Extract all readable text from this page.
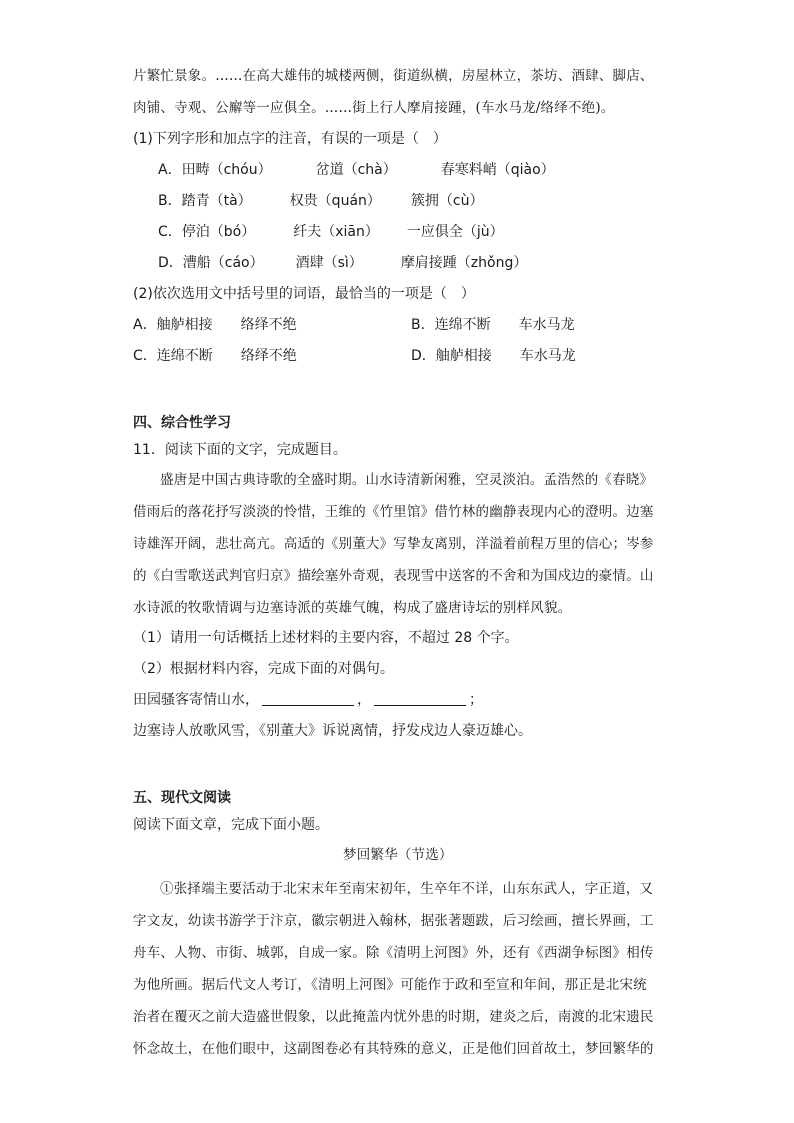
片繁忙景象。……在高大雄伟的城楼两侧，街道纵横，房屋林立，茶坊、酒肆、脚店、
肉铺、寺观、公廨等一应俱全。……街上行人摩肩接踵，(车水马龙/络绎不绝)。
(1)下列字形和加点字的注音，有误的一项是（　）
A．田畴（chóu）	岔道（chà）	春寒料峭（qiào）
B．踏青（tà）	权贵（quán） 簇拥（cù）
C．停泊（bó）	纤夫（xiān） 一应俱全（jù）
D．漕船（cáo） 酒肆（sì）	摩肩接踵（zhǒng）
(2)依次选用文中括号里的词语，最恰当的一项是（　）
A．舳舻相接 络绎不绝	B．连绵不断 车水马龙
C．连绵不断 络绎不绝	D．舳舻相接 车水马龙
四、综合性学习
11．阅读下面的文字，完成题目。
盛唐是中国古典诗歌的全盛时期。山水诗清新闲雅，空灵淡泊。孟浩然的《春晓》
借雨后的落花抒写淡淡的怜惜，王维的《竹里馆》借竹林的幽静表现内心的澄明。边塞
诗雄浑开阔，悲壮高亢。高适的《别董大》写挚友离别，洋溢着前程万里的信心；岑参
的《白雪歌送武判官归京》描绘塞外奇观，表现雪中送客的不舍和为国戍边的豪情。山
水诗派的牧歌情调与边塞诗派的英雄气魄，构成了盛唐诗坛的别样风貌。
（1）请用一句话概括上述材料的主要内容，不超过 28 个字。
（2）根据材料内容，完成下面的对偶句。
田园骚客寄情山水，	，	；
边塞诗人放歌风雪，《别董大》诉说离情，抒发戍边人豪迈雄心。
五、现代文阅读
阅读下面文章，完成下面小题。
梦回繁华（节选）
①张择端主要活动于北宋末年至南宋初年，生卒年不详，山东东武人，字正道，又
字文友，幼读书游学于汴京，徽宗朝进入翰林，据张著题跋，后习绘画，擅长界画，工
舟车、人物、市街、城郭，自成一家。除《清明上河图》外，还有《西湖争标图》相传
为他所画。据后代文人考订，《清明上河图》可能作于政和至宣和年间，那正是北宋统
治者在覆灭之前大造盛世假象，以此掩盖内忧外患的时期，建炎之后，南渡的北宋遗民
怀念故土，在他们眼中，这副图卷必有其特殊的意义，正是他们回首故土，梦回繁华的
